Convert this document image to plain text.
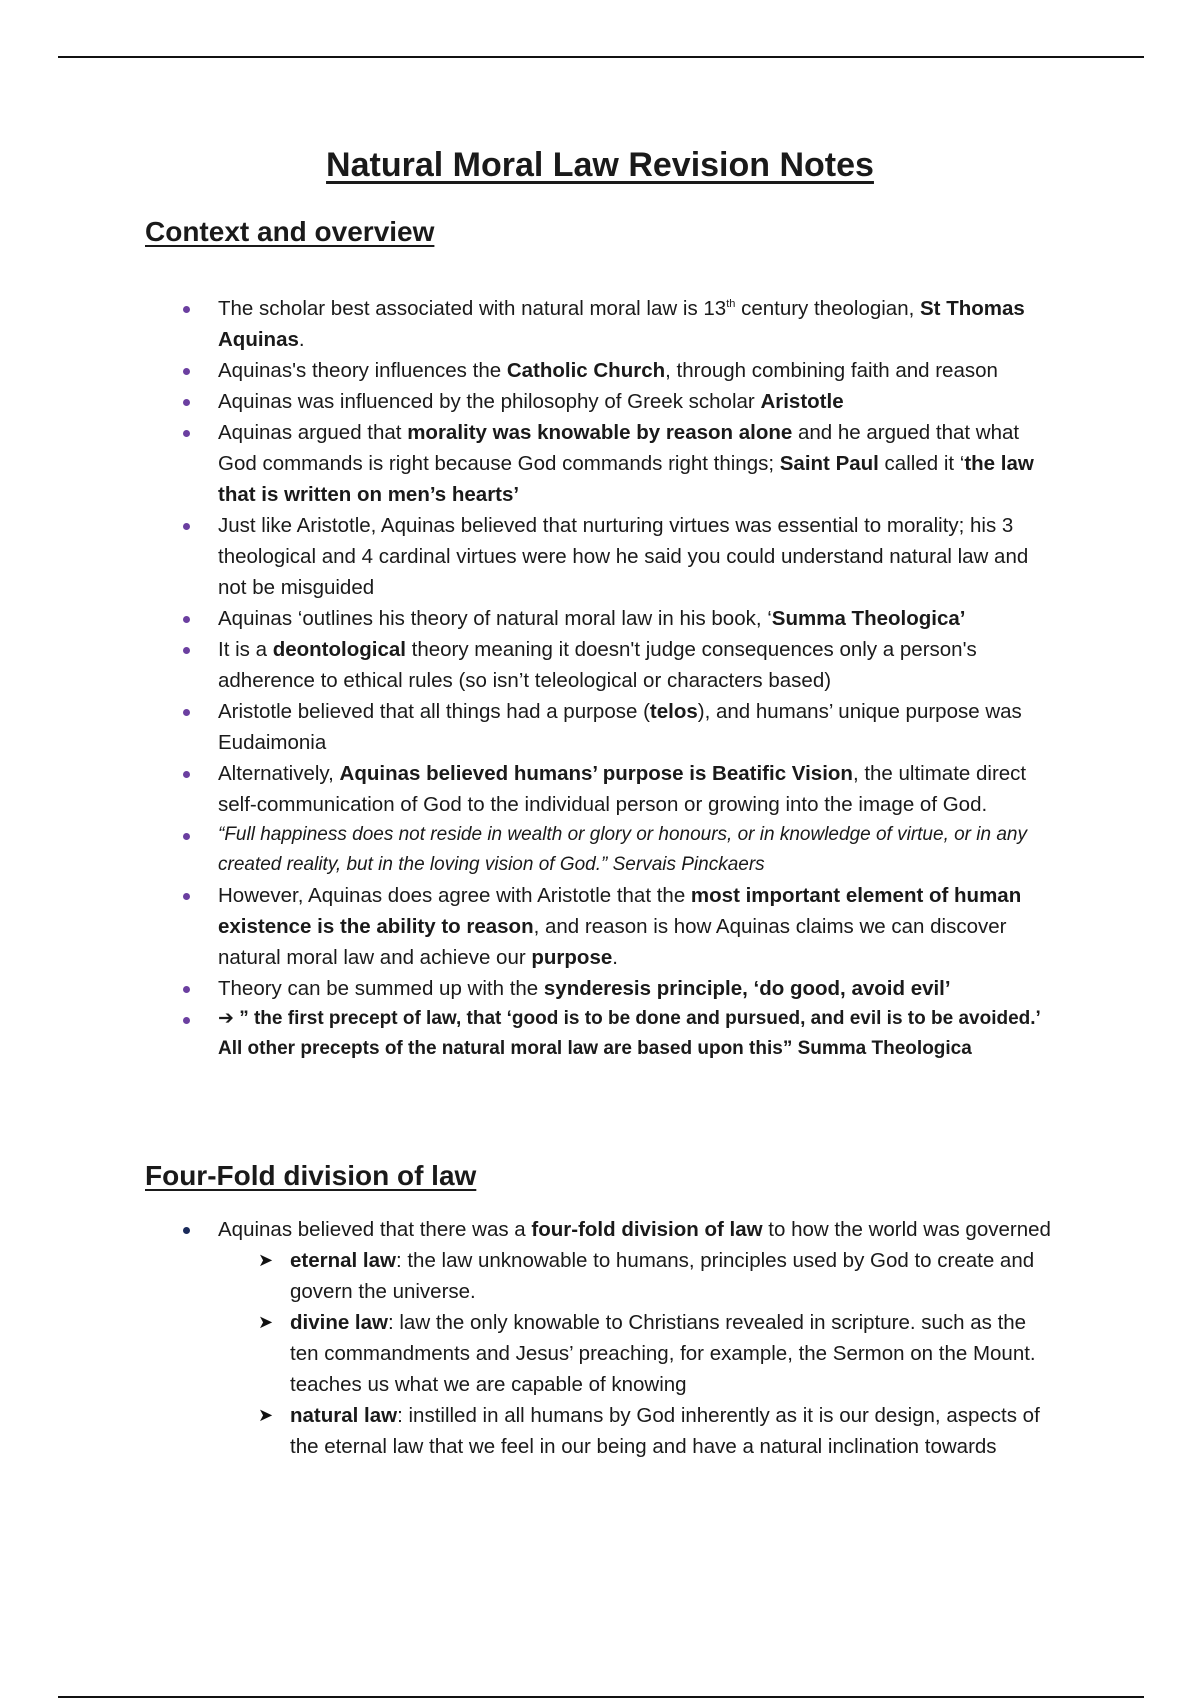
Natural Moral Law Revision Notes
Context and overview
The scholar best associated with natural moral law is 13th century theologian, St Thomas Aquinas.
Aquinas's theory influences the Catholic Church, through combining faith and reason
Aquinas was influenced by the philosophy of Greek scholar Aristotle
Aquinas argued that morality was knowable by reason alone and he argued that what God commands is right because God commands right things; Saint Paul called it ‘the law that is written on men’s hearts’
Just like Aristotle, Aquinas believed that nurturing virtues was essential to morality; his 3 theological and 4 cardinal virtues were how he said you could understand natural law and not be misguided
Aquinas ‘outlines his theory of natural moral law in his book, ‘Summa Theologica’
It is a deontological theory meaning it doesn't judge consequences only a person's adherence to ethical rules (so isn’t teleological or characters based)
Aristotle believed that all things had a purpose (telos), and humans’ unique purpose was Eudaimonia
Alternatively, Aquinas believed humans’ purpose is Beatific Vision, the ultimate direct self-communication of God to the individual person or growing into the image of God.
“Full happiness does not reside in wealth or glory or honours, or in knowledge of virtue, or in any created reality, but in the loving vision of God.” Servais Pinckaers
However, Aquinas does agree with Aristotle that the most important element of human existence is the ability to reason, and reason is how Aquinas claims we can discover natural moral law and achieve our purpose.
Theory can be summed up with the synderesis principle, ‘do good, avoid evil’
➔ ” the first precept of law, that ‘good is to be done and pursued, and evil is to be avoided.’ All other precepts of the natural moral law are based upon this” Summa Theologica
Four-Fold division of law
Aquinas believed that there was a four-fold division of law to how the world was governed
➤ eternal law: the law unknowable to humans, principles used by God to create and govern the universe.
➤ divine law: law the only knowable to Christians revealed in scripture. such as the ten commandments and Jesus’ preaching, for example, the Sermon on the Mount. teaches us what we are capable of knowing
➤ natural law: instilled in all humans by God inherently as it is our design, aspects of the eternal law that we feel in our being and have a natural inclination towards
